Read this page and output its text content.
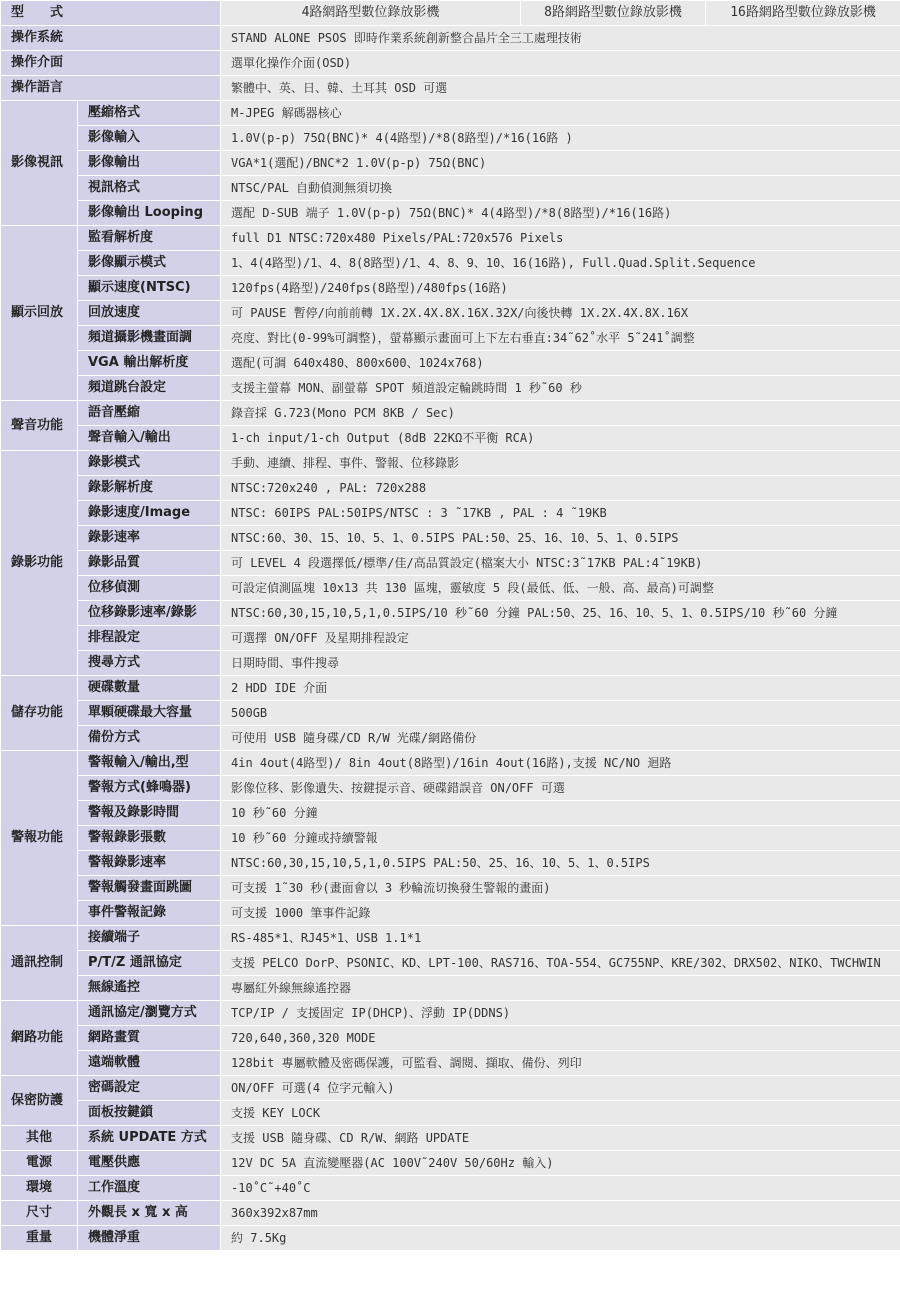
型　　式		4路網路型數位錄放影機	8路網路型數位錄放影機	16路網路型數位錄放影機
操作系統		STAND ALONE PSOS 即時作業系統創新整合晶片全三工處理技術		
操作介面		選單化操作介面(OSD)		
操作語言		繁體中、英、日、韓、土耳其 OSD 可選		
影像視訊	壓縮格式	M-JPEG 解碼器核心		
	影像輸入	1.0V(p-p) 75Ω(BNC)* 4(4路型)/*8(8路型)/*16(16路 )		
	影像輸出	VGA*1(選配)/BNC*2 1.0V(p-p) 75Ω(BNC)		
	視訊格式	NTSC/PAL 自動偵測無須切換		
	影像輸出 Looping	選配 D-SUB 端子 1.0V(p-p) 75Ω(BNC)* 4(4路型)/*8(8路型)/*16(16路)		
顯示回放	監看解析度	full D1 NTSC:720x480 Pixels/PAL:720x576 Pixels		
	影像顯示模式	1、4(4路型)/1、4、8(8路型)/1、4、8、9、10、16(16路), Full.Quad.Split.Sequence		
	顯示速度(NTSC)	120fps(4路型)/240fps(8路型)/480fps(16路)		
	回放速度	可 PAUSE 暫停/向前前轉 1X.2X.4X.8X.16X.32X/向後快轉 1X.2X.4X.8X.16X		
	頻道攝影機畫面調	亮度、對比(0-99%可調整)，螢幕顯示畫面可上下左右垂直:34˜62˚水平 5˜241˚調整		
	VGA 輸出解析度	選配(可調 640x480、800x600、1024x768)		
	頻道跳台設定	支援主螢幕 MON、副螢幕 SPOT 頻道設定輪跳時間 1 秒˜60 秒		
聲音功能	語音壓縮	錄音採 G.723(Mono PCM 8KB / Sec)		
	聲音輸入/輸出	1-ch input/1-ch Output (8dB 22KΩ不平衡 RCA)		
錄影功能	錄影模式	手動、連續、排程、事件、警報、位移錄影		
	錄影解析度	NTSC:720x240 , PAL: 720x288		
	錄影速度/Image	NTSC: 60IPS PAL:50IPS/NTSC : 3 ˜17KB , PAL : 4 ˜19KB		
	錄影速率	NTSC:60、30、15、10、5、1、0.5IPS PAL:50、25、16、10、5、1、0.5IPS		
	錄影品質	可 LEVEL 4 段選擇低/標準/佳/高品質設定(檔案大小 NTSC:3˜17KB PAL:4˜19KB)		
	位移偵測	可設定偵測區塊 10x13 共 130 區塊，靈敏度 5 段(最低、低、一般、高、最高)可調整		
	位移錄影速率/錄影	NTSC:60,30,15,10,5,1,0.5IPS/10 秒˜60 分鐘 PAL:50、25、16、10、5、1、0.5IPS/10 秒˜60 分鐘		
	排程設定	可選擇 ON/OFF 及星期排程設定		
	搜尋方式	日期時間、事件搜尋		
儲存功能	硬碟數量	2 HDD IDE 介面		
	單顆硬碟最大容量	500GB		
	備份方式	可使用 USB 隨身碟/CD R/W 光碟/網路備份		
警報功能	警報輸入/輸出,型	4in 4out(4路型)/ 8in 4out(8路型)/16in 4out(16路),支援 NC/NO 迴路		
	警報方式(蜂鳴器)	影像位移、影像遺失、按鍵提示音、硬碟錯誤音 ON/OFF 可選		
	警報及錄影時間	10 秒˜60 分鐘		
	警報錄影張數	10 秒˜60 分鐘或持續警報		
	警報錄影速率	NTSC:60,30,15,10,5,1,0.5IPS PAL:50、25、16、10、5、1、0.5IPS		
	警報觸發畫面跳圖	可支援 1˜30 秒(畫面會以 3 秒輪流切換發生警報的畫面)		
	事件警報記錄	可支援 1000 筆事件記錄		
通訊控制	接續端子	RS-485*1、RJ45*1、USB 1.1*1		
	P/T/Z 通訊協定	支援 PELCO DorP、PSONIC、KD、LPT-100、RAS716、TOA-554、GC755NP、KRE/302、DRX502、NIKO、TWCHWIN		
	無線遙控	專屬紅外線無線遙控器		
網路功能	通訊協定/瀏覽方式	TCP/IP / 支援固定 IP(DHCP)、浮動 IP(DDNS)		
	網路畫質	720,640,360,320 MODE		
	遠端軟體	128bit 專屬軟體及密碼保護，可監看、調閱、擷取、備份、列印		
保密防護	密碼設定	ON/OFF 可選(4 位字元輸入)		
	面板按鍵鎖	支援 KEY LOCK		
其他	系統 UPDATE 方式	支援 USB 隨身碟、CD R/W、網路 UPDATE		
電源	電壓供應	12V DC 5A 直流變壓器(AC 100V˜240V 50/60Hz 輸入)		
環境	工作溫度	-10˚C˜+40˚C		
尺寸	外觀長 x 寬 x 高	360x392x87mm		
重量	機體淨重	約 7.5Kg		
